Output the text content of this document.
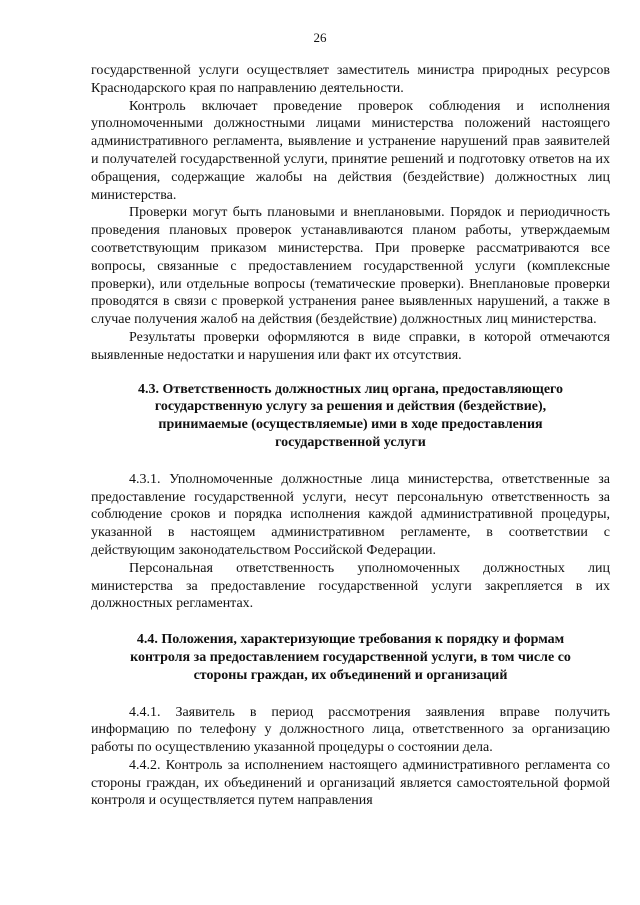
26

государственной услуги осуществляет заместитель министра природных ресурсов Краснодарского края по направлению деятельности.

Контроль включает проведение проверок соблюдения и исполнения уполномоченными должностными лицами министерства положений настоящего административного регламента, выявление и устранение нарушений прав заявителей и получателей государственной услуги, принятие решений и подготовку ответов на их обращения, содержащие жалобы на действия (бездействие) должностных лиц министерства.

Проверки могут быть плановыми и внеплановыми. Порядок и периодичность проведения плановых проверок устанавливаются планом работы, утверждаемым соответствующим приказом министерства. При проверке рассматриваются все вопросы, связанные с предоставлением государственной услуги (комплексные проверки), или отдельные вопросы (тематические проверки). Внеплановые проверки проводятся в связи с проверкой устранения ранее выявленных нарушений, а также в случае получения жалоб на действия (бездействие) должностных лиц министерства.

Результаты проверки оформляются в виде справки, в которой отмечаются выявленные недостатки и нарушения или факт их отсутствия.

4.3. Ответственность должностных лиц органа, предоставляющего государственную услугу за решения и действия (бездействие), принимаемые (осуществляемые) ими в ходе предоставления государственной услуги

4.3.1. Уполномоченные должностные лица министерства, ответственные за предоставление государственной услуги, несут персональную ответственность за соблюдение сроков и порядка исполнения каждой административной процедуры, указанной в настоящем административном регламенте, в соответствии с действующим законодательством Российской Федерации.

Персональная ответственность уполномоченных должностных лиц министерства за предоставление государственной услуги закрепляется в их должностных регламентах.

4.4. Положения, характеризующие требования к порядку и формам контроля за предоставлением государственной услуги, в том числе со стороны граждан, их объединений и организаций

4.4.1. Заявитель в период рассмотрения заявления вправе получить информацию по телефону у должностного лица, ответственного за организацию работы по осуществлению указанной процедуры о состоянии дела.

4.4.2. Контроль за исполнением настоящего административного регламента со стороны граждан, их объединений и организаций является самостоятельной формой контроля и осуществляется путем направления
